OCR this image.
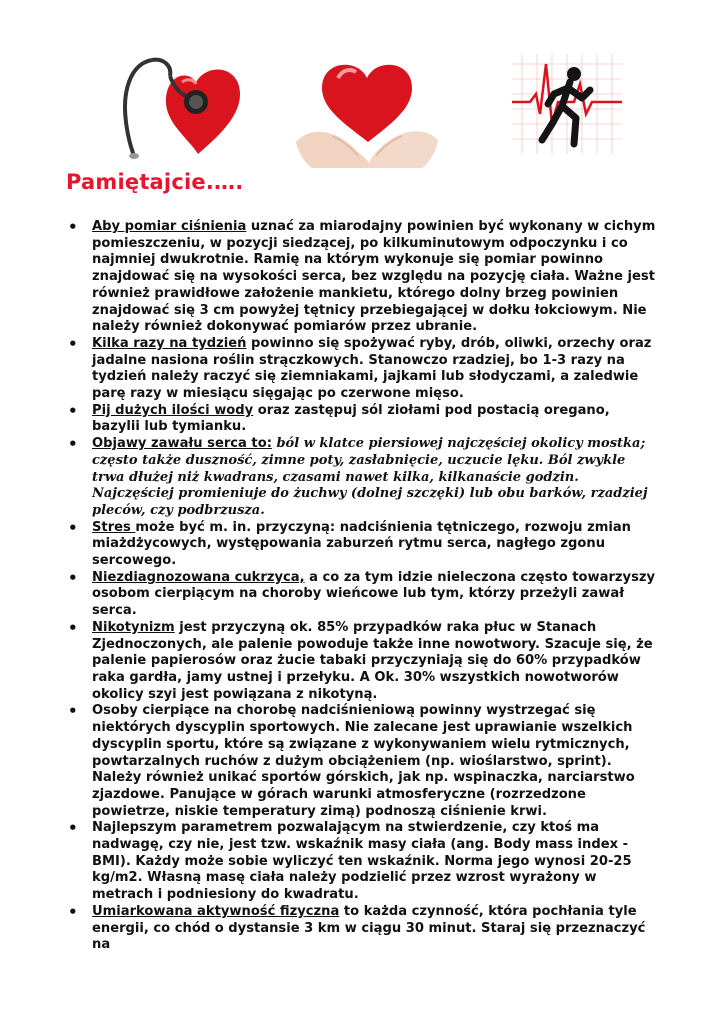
Pamiętajcie.….
• Aby pomiar ciśnienia uznać za miarodajny powinien być wykonany w cichym pomieszczeniu, w pozycji siedzącej, po kilkuminutowym odpoczynku i co najmniej dwukrotnie. Ramię na którym wykonuje się pomiar powinno znajdować się na wysokości serca, bez względu na pozycję ciała. Ważne jest również prawidłowe założenie mankietu, którego dolny brzeg powinien znajdować się 3 cm powyżej tętnicy przebiegającej w dołku łokciowym. Nie należy również dokonywać pomiarów przez ubranie.
• Kilka razy na tydzień powinno się spożywać ryby, drób, oliwki, orzechy oraz jadalne nasiona roślin strączkowych. Stanowczo rzadziej, bo 1-3 razy na tydzień należy raczyć się ziemniakami, jajkami lub słodyczami, a zaledwie parę razy w miesiącu sięgając po czerwone mięso.
• Pij dużych ilości wody oraz zastępuj sól ziołami pod postacią oregano, bazylii lub tymianku.
• Objawy zawału serca to: ból w klatce piersiowej najczęściej okolicy mostka; często także duszność, zimne poty, zasłabnięcie, uczucie lęku. Ból zwykle trwa dłużej niż kwadrans, czasami nawet kilka, kilkanaście godzin. Najczęściej promieniuje do żuchwy (dolnej szczęki) lub obu barków, rzadziej pleców, czy podbrzusza.
• Stres może być m. in. przyczyną: nadciśnienia tętniczego, rozwoju zmian miażdżycowych, występowania zaburzeń rytmu serca, nagłego zgonu sercowego.
• Niezdiagnozowana cukrzyca, a co za tym idzie nieleczona często towarzyszy osobom cierpiącym na choroby wieńcowe lub tym, którzy przeżyli zawał serca.
• Nikotynizm jest przyczyną ok. 85% przypadków raka płuc w Stanach Zjednoczonych, ale palenie powoduje także inne nowotwory. Szacuje się, że palenie papierosów oraz żucie tabaki przyczyniają się do 60% przypadków raka gardła, jamy ustnej i przełyku. A Ok. 30% wszystkich nowotworów okolicy szyi jest powiązana z nikotyną.
• Osoby cierpiące na chorobę nadciśnieniową powinny wystrzegać się niektórych dyscyplin sportowych. Nie zalecane jest uprawianie wszelkich dyscyplin sportu, które są związane z wykonywaniem wielu rytmicznych, powtarzalnych ruchów z dużym obciążeniem (np. wioślarstwo, sprint). Należy również unikać sportów górskich, jak np. wspinaczka, narciarstwo zjazdowe. Panujące w górach warunki atmosferyczne (rozrzedzone powietrze, niskie temperatury zimą) podnoszą ciśnienie krwi.
• Najlepszym parametrem pozwalającym na stwierdzenie, czy ktoś ma nadwagę, czy nie, jest tzw. wskaźnik masy ciała (ang. Body mass index -BMI). Każdy może sobie wyliczyć ten wskaźnik. Norma jego wynosi 20-25 kg/m2. Własną masę ciała należy podzielić przez wzrost wyrażony w metrach i podniesiony do kwadratu.
• Umiarkowana aktywność fizyczna to każda czynność, która pochłania tyle energii, co chód o dystansie 3 km w ciągu 30 minut. Staraj się przeznaczyć na
